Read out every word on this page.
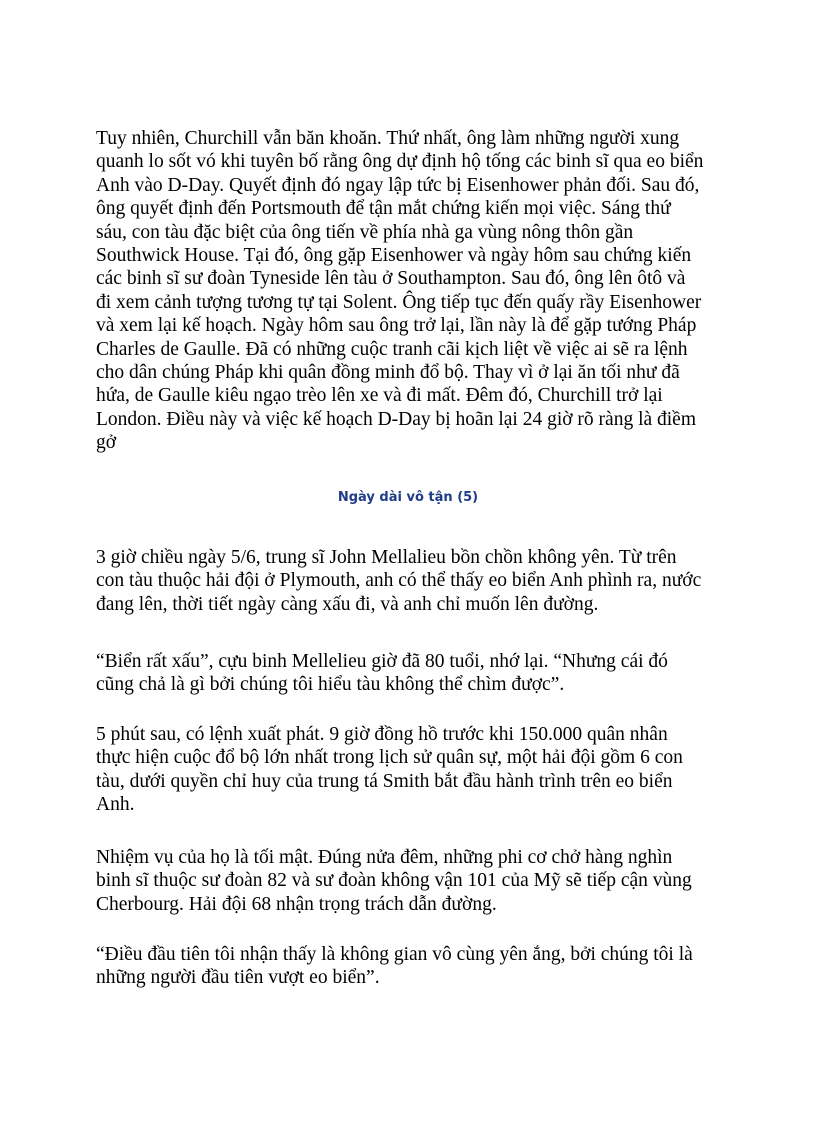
Tuy nhiên, Churchill vẫn băn khoăn. Thứ nhất, ông làm những người xung
quanh lo sốt vó khi tuyên bố rằng ông dự định hộ tống các binh sĩ qua eo biển
Anh vào D-Day. Quyết định đó ngay lập tức bị Eisenhower phản đối. Sau đó,
ông quyết định đến Portsmouth để tận mắt chứng kiến mọi việc. Sáng thứ
sáu, con tàu đặc biệt của ông tiến về phía nhà ga vùng nông thôn gần
Southwick House. Tại đó, ông gặp Eisenhower và ngày hôm sau chứng kiến
các binh sĩ sư đoàn Tyneside lên tàu ở Southampton. Sau đó, ông lên ôtô và
đi xem cảnh tượng tương tự tại Solent. Ông tiếp tục đến quấy rầy Eisenhower
và xem lại kế hoạch. Ngày hôm sau ông trở lại, lần này là để gặp tướng Pháp
Charles de Gaulle. Đã có những cuộc tranh cãi kịch liệt về việc ai sẽ ra lệnh
cho dân chúng Pháp khi quân đồng minh đổ bộ. Thay vì ở lại ăn tối như đã
hứa, de Gaulle kiêu ngạo trèo lên xe và đi mất. Đêm đó, Churchill trở lại
London. Điều này và việc kế hoạch D-Day bị hoãn lại 24 giờ rõ ràng là điềm
gở

Ngày dài vô tận (5)

3 giờ chiều ngày 5/6, trung sĩ John Mellalieu bồn chồn không yên. Từ trên
con tàu thuộc hải đội ở Plymouth, anh có thể thấy eo biển Anh phình ra, nước
đang lên, thời tiết ngày càng xấu đi, và anh chỉ muốn lên đường.

“Biển rất xấu”, cựu binh Mellelieu giờ đã 80 tuổi, nhớ lại. “Nhưng cái đó
cũng chả là gì bởi chúng tôi hiểu tàu không thể chìm được”.

5 phút sau, có lệnh xuất phát. 9 giờ đồng hồ trước khi 150.000 quân nhân
thực hiện cuộc đổ bộ lớn nhất trong lịch sử quân sự, một hải đội gồm 6 con
tàu, dưới quyền chỉ huy của trung tá Smith bắt đầu hành trình trên eo biển
Anh.

Nhiệm vụ của họ là tối mật. Đúng nửa đêm, những phi cơ chở hàng nghìn
binh sĩ thuộc sư đoàn 82 và sư đoàn không vận 101 của Mỹ sẽ tiếp cận vùng
Cherbourg. Hải đội 68 nhận trọng trách dẫn đường.

“Điều đầu tiên tôi nhận thấy là không gian vô cùng yên ắng, bởi chúng tôi là
những người đầu tiên vượt eo biển”.
